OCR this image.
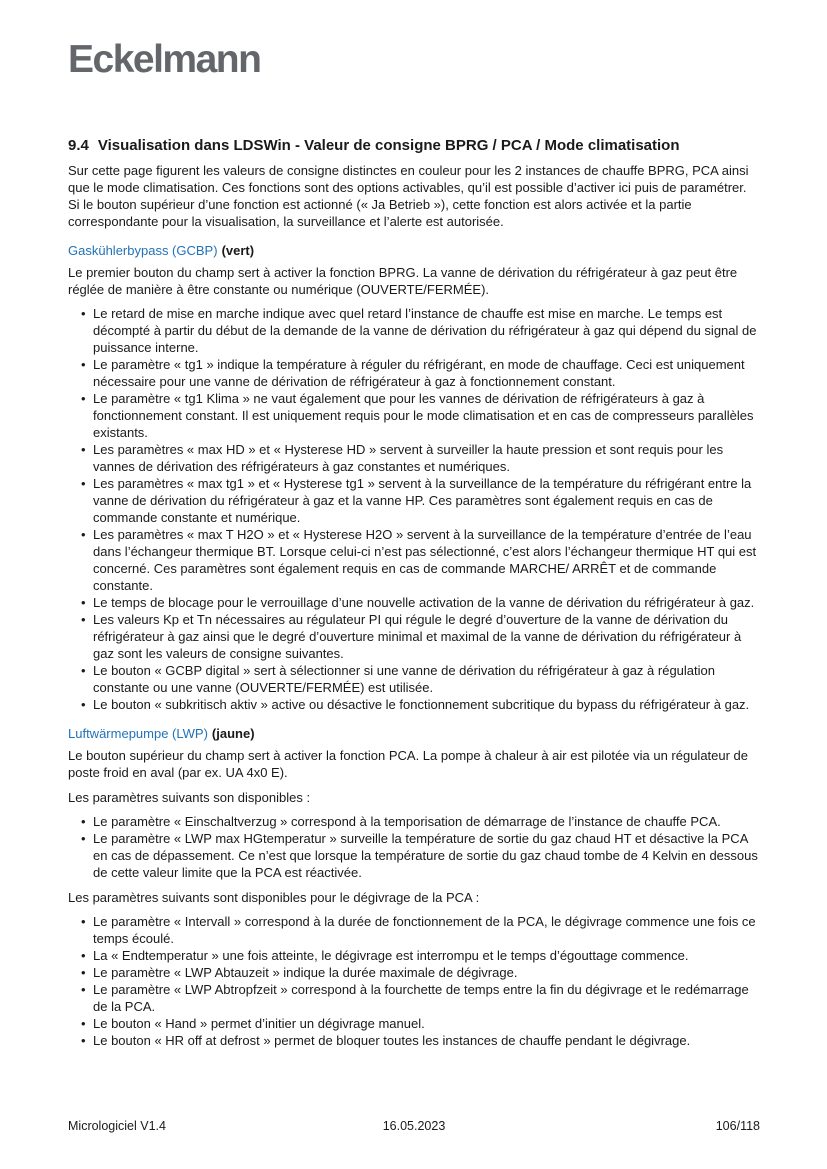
Eckelmann
9.4 Visualisation dans LDSWin - Valeur de consigne BPRG / PCA / Mode climatisation

Sur cette page figurent les valeurs de consigne distinctes en couleur pour les 2 instances de chauffe BPRG, PCA ainsi que le mode climatisation. Ces fonctions sont des options activables, qu’il est possible d’activer ici puis de paramétrer. Si le bouton supérieur d’une fonction est actionné (« Ja Betrieb »), cette fonction est alors activée et la partie correspondante pour la visualisation, la surveillance et l’alerte est autorisée.

Gaskühlerbypass (GCBP) (vert)

Le premier bouton du champ sert à activer la fonction BPRG. La vanne de dérivation du réfrigérateur à gaz peut être réglée de manière à être constante ou numérique (OUVERTE/FERMÉE).

• Le retard de mise en marche indique avec quel retard l’instance de chauffe est mise en marche. Le temps est décompté à partir du début de la demande de la vanne de dérivation du réfrigérateur à gaz qui dépend du signal de puissance interne.
• Le paramètre « tg1 » indique la température à réguler du réfrigérant, en mode de chauffage. Ceci est uniquement nécessaire pour une vanne de dérivation de réfrigérateur à gaz à fonctionnement constant.
• Le paramètre « tg1 Klima » ne vaut également que pour les vannes de dérivation de réfrigérateurs à gaz à fonctionnement constant. Il est uniquement requis pour le mode climatisation et en cas de compresseurs parallèles existants.
• Les paramètres « max HD » et « Hysterese HD » servent à surveiller la haute pression et sont requis pour les vannes de dérivation des réfrigérateurs à gaz constantes et numériques.
• Les paramètres « max tg1 » et « Hysterese tg1 » servent à la surveillance de la température du réfrigérant entre la vanne de dérivation du réfrigérateur à gaz et la vanne HP. Ces paramètres sont également requis en cas de commande constante et numérique.
• Les paramètres « max T H2O » et « Hysterese H2O » servent à la surveillance de la température d’entrée de l’eau dans l’échangeur thermique BT. Lorsque celui-ci n’est pas sélectionné, c’est alors l’échangeur thermique HT qui est concerné. Ces paramètres sont également requis en cas de commande MARCHE/ ARRÊT et de commande constante.
• Le temps de blocage pour le verrouillage d’une nouvelle activation de la vanne de dérivation du réfrigérateur à gaz.
• Les valeurs Kp et Tn nécessaires au régulateur PI qui régule le degré d’ouverture de la vanne de dérivation du réfrigérateur à gaz ainsi que le degré d’ouverture minimal et maximal de la vanne de dérivation du réfrigérateur à gaz sont les valeurs de consigne suivantes.
• Le bouton « GCBP digital » sert à sélectionner si une vanne de dérivation du réfrigérateur à gaz à régulation constante ou une vanne (OUVERTE/FERMÉE) est utilisée.
• Le bouton « subkritisch aktiv » active ou désactive le fonctionnement subcritique du bypass du réfrigérateur à gaz.
Luftwärmepumpe (LWP) (jaune)

Le bouton supérieur du champ sert à activer la fonction PCA. La pompe à chaleur à air est pilotée via un régulateur de poste froid en aval (par ex. UA 4x0 E).

Les paramètres suivants son disponibles :

• Le paramètre « Einschaltverzug » correspond à la temporisation de démarrage de l’instance de chauffe PCA.
• Le paramètre « LWP max HGtemperatur » surveille la température de sortie du gaz chaud HT et désactive la PCA en cas de dépassement. Ce n’est que lorsque la température de sortie du gaz chaud tombe de 4 Kelvin en dessous de cette valeur limite que la PCA est réactivée.

Les paramètres suivants sont disponibles pour le dégivrage de la PCA :

• Le paramètre « Intervall » correspond à la durée de fonctionnement de la PCA, le dégivrage commence une fois ce temps écoulé.
• La « Endtemperatur » une fois atteinte, le dégivrage est interrompu et le temps d’égouttage commence.
• Le paramètre « LWP Abtauzeit » indique la durée maximale de dégivrage.
• Le paramètre « LWP Abtropfzeit » correspond à la fourchette de temps entre la fin du dégivrage et le redémarrage de la PCA.
• Le bouton « Hand » permet d’initier un dégivrage manuel.
• Le bouton « HR off at defrost » permet de bloquer toutes les instances de chauffe pendant le dégivrage.
Micrologiciel V1.4	16.05.2023	106/118
